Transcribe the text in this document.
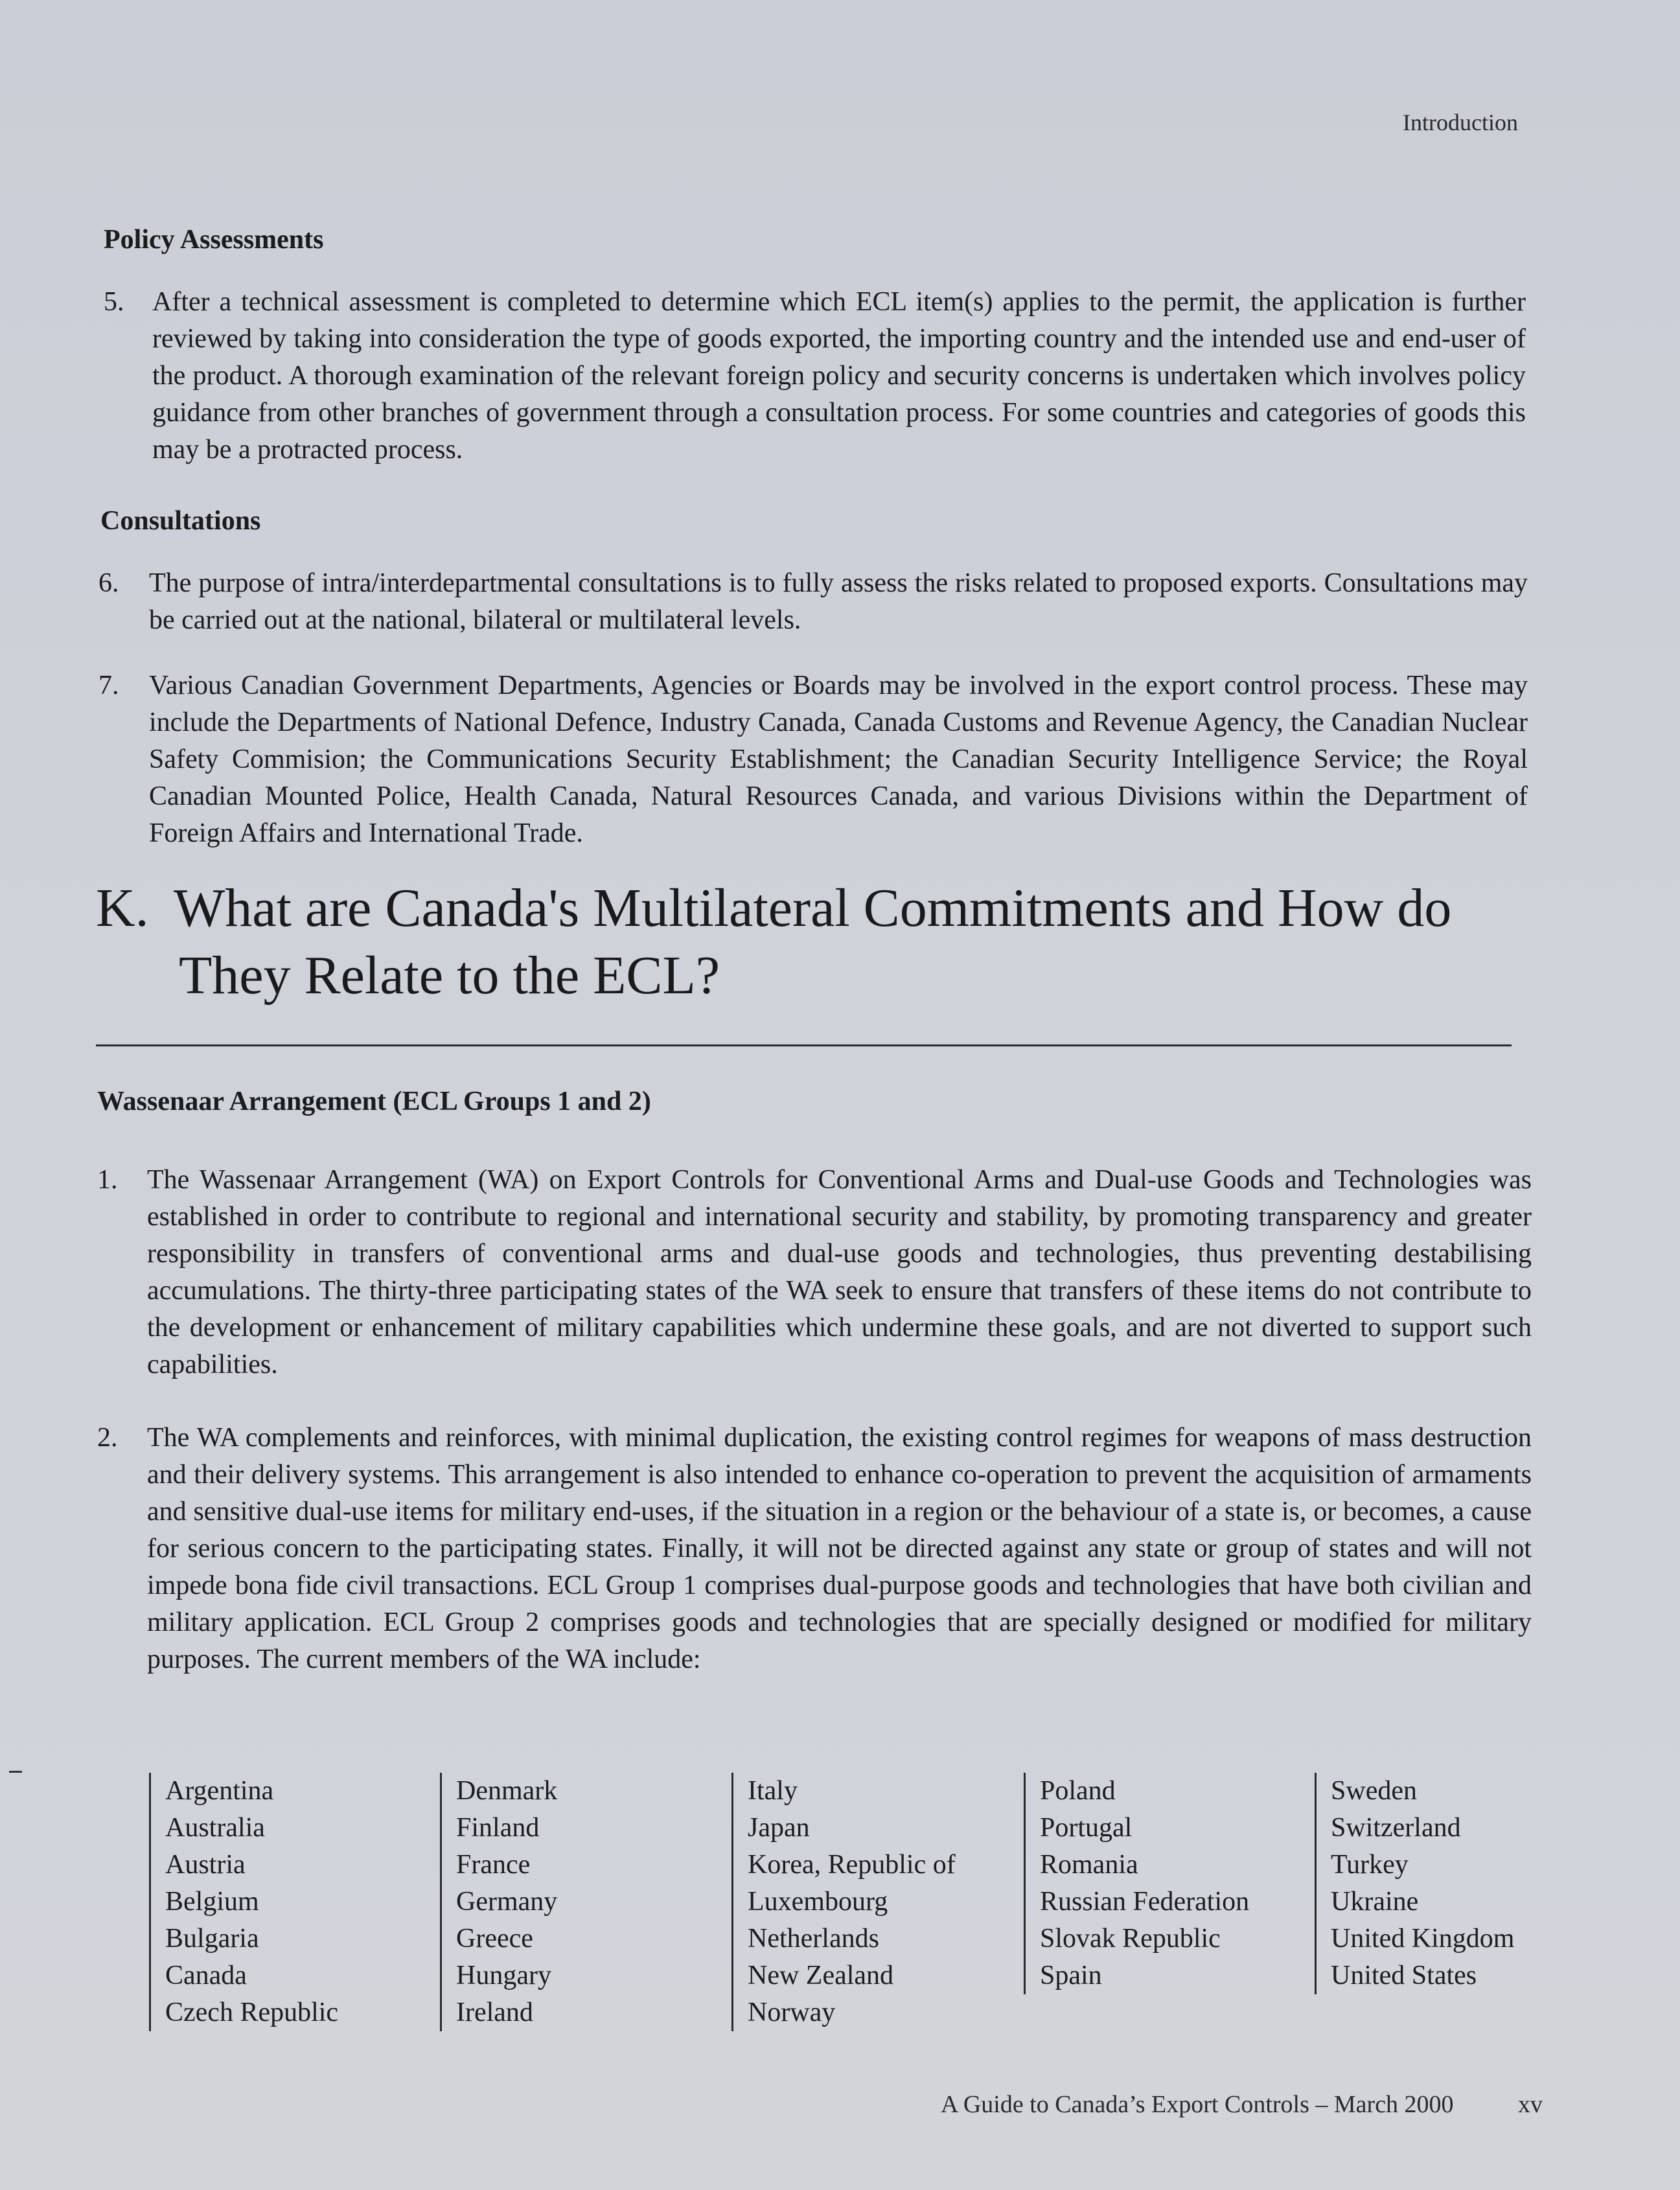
Introduction
Policy Assessments
5. After a technical assessment is completed to determine which ECL item(s) applies to the permit, the application is further reviewed by taking into consideration the type of goods exported, the importing country and the intended use and end-user of the product. A thorough examination of the relevant foreign policy and security concerns is undertaken which involves policy guidance from other branches of government through a consultation process. For some countries and categories of goods this may be a protracted process.
Consultations
6. The purpose of intra/interdepartmental consultations is to fully assess the risks related to proposed exports. Consultations may be carried out at the national, bilateral or multilateral levels.
7. Various Canadian Government Departments, Agencies or Boards may be involved in the export control process. These may include the Departments of National Defence, Industry Canada, Canada Customs and Revenue Agency, the Canadian Nuclear Safety Commision; the Communications Security Establishment; the Canadian Security Intelligence Service; the Royal Canadian Mounted Police, Health Canada, Natural Resources Canada, and various Divisions within the Department of Foreign Affairs and International Trade.
K. What are Canada's Multilateral Commitments and How do
They Relate to the ECL?
Wassenaar Arrangement (ECL Groups 1 and 2)
1. The Wassenaar Arrangement (WA) on Export Controls for Conventional Arms and Dual-use Goods and Technologies was established in order to contribute to regional and international security and stability, by promoting transparency and greater responsibility in transfers of conventional arms and dual-use goods and technologies, thus preventing destabilising accumulations. The thirty-three participating states of the WA seek to ensure that transfers of these items do not contribute to the development or enhancement of military capabilities which undermine these goals, and are not diverted to support such capabilities.
2. The WA complements and reinforces, with minimal duplication, the existing control regimes for weapons of mass destruction and their delivery systems. This arrangement is also intended to enhance co-operation to prevent the acquisition of armaments and sensitive dual-use items for military end-uses, if the situation in a region or the behaviour of a state is, or becomes, a cause for serious concern to the participating states. Finally, it will not be directed against any state or group of states and will not impede bona fide civil transactions. ECL Group 1 comprises dual-purpose goods and technologies that have both civilian and military application. ECL Group 2 comprises goods and technologies that are specially designed or modified for military purposes. The current members of the WA include:
Argentina
Australia
Austria
Belgium
Bulgaria
Canada
Czech Republic
Denmark
Finland
France
Germany
Greece
Hungary
Ireland
Italy
Japan
Korea, Republic of
Luxembourg
Netherlands
New Zealand
Norway
Poland
Portugal
Romania
Russian Federation
Slovak Republic
Spain
Sweden
Switzerland
Turkey
Ukraine
United Kingdom
United States
A Guide to Canada’s Export Controls – March 2000	xv
